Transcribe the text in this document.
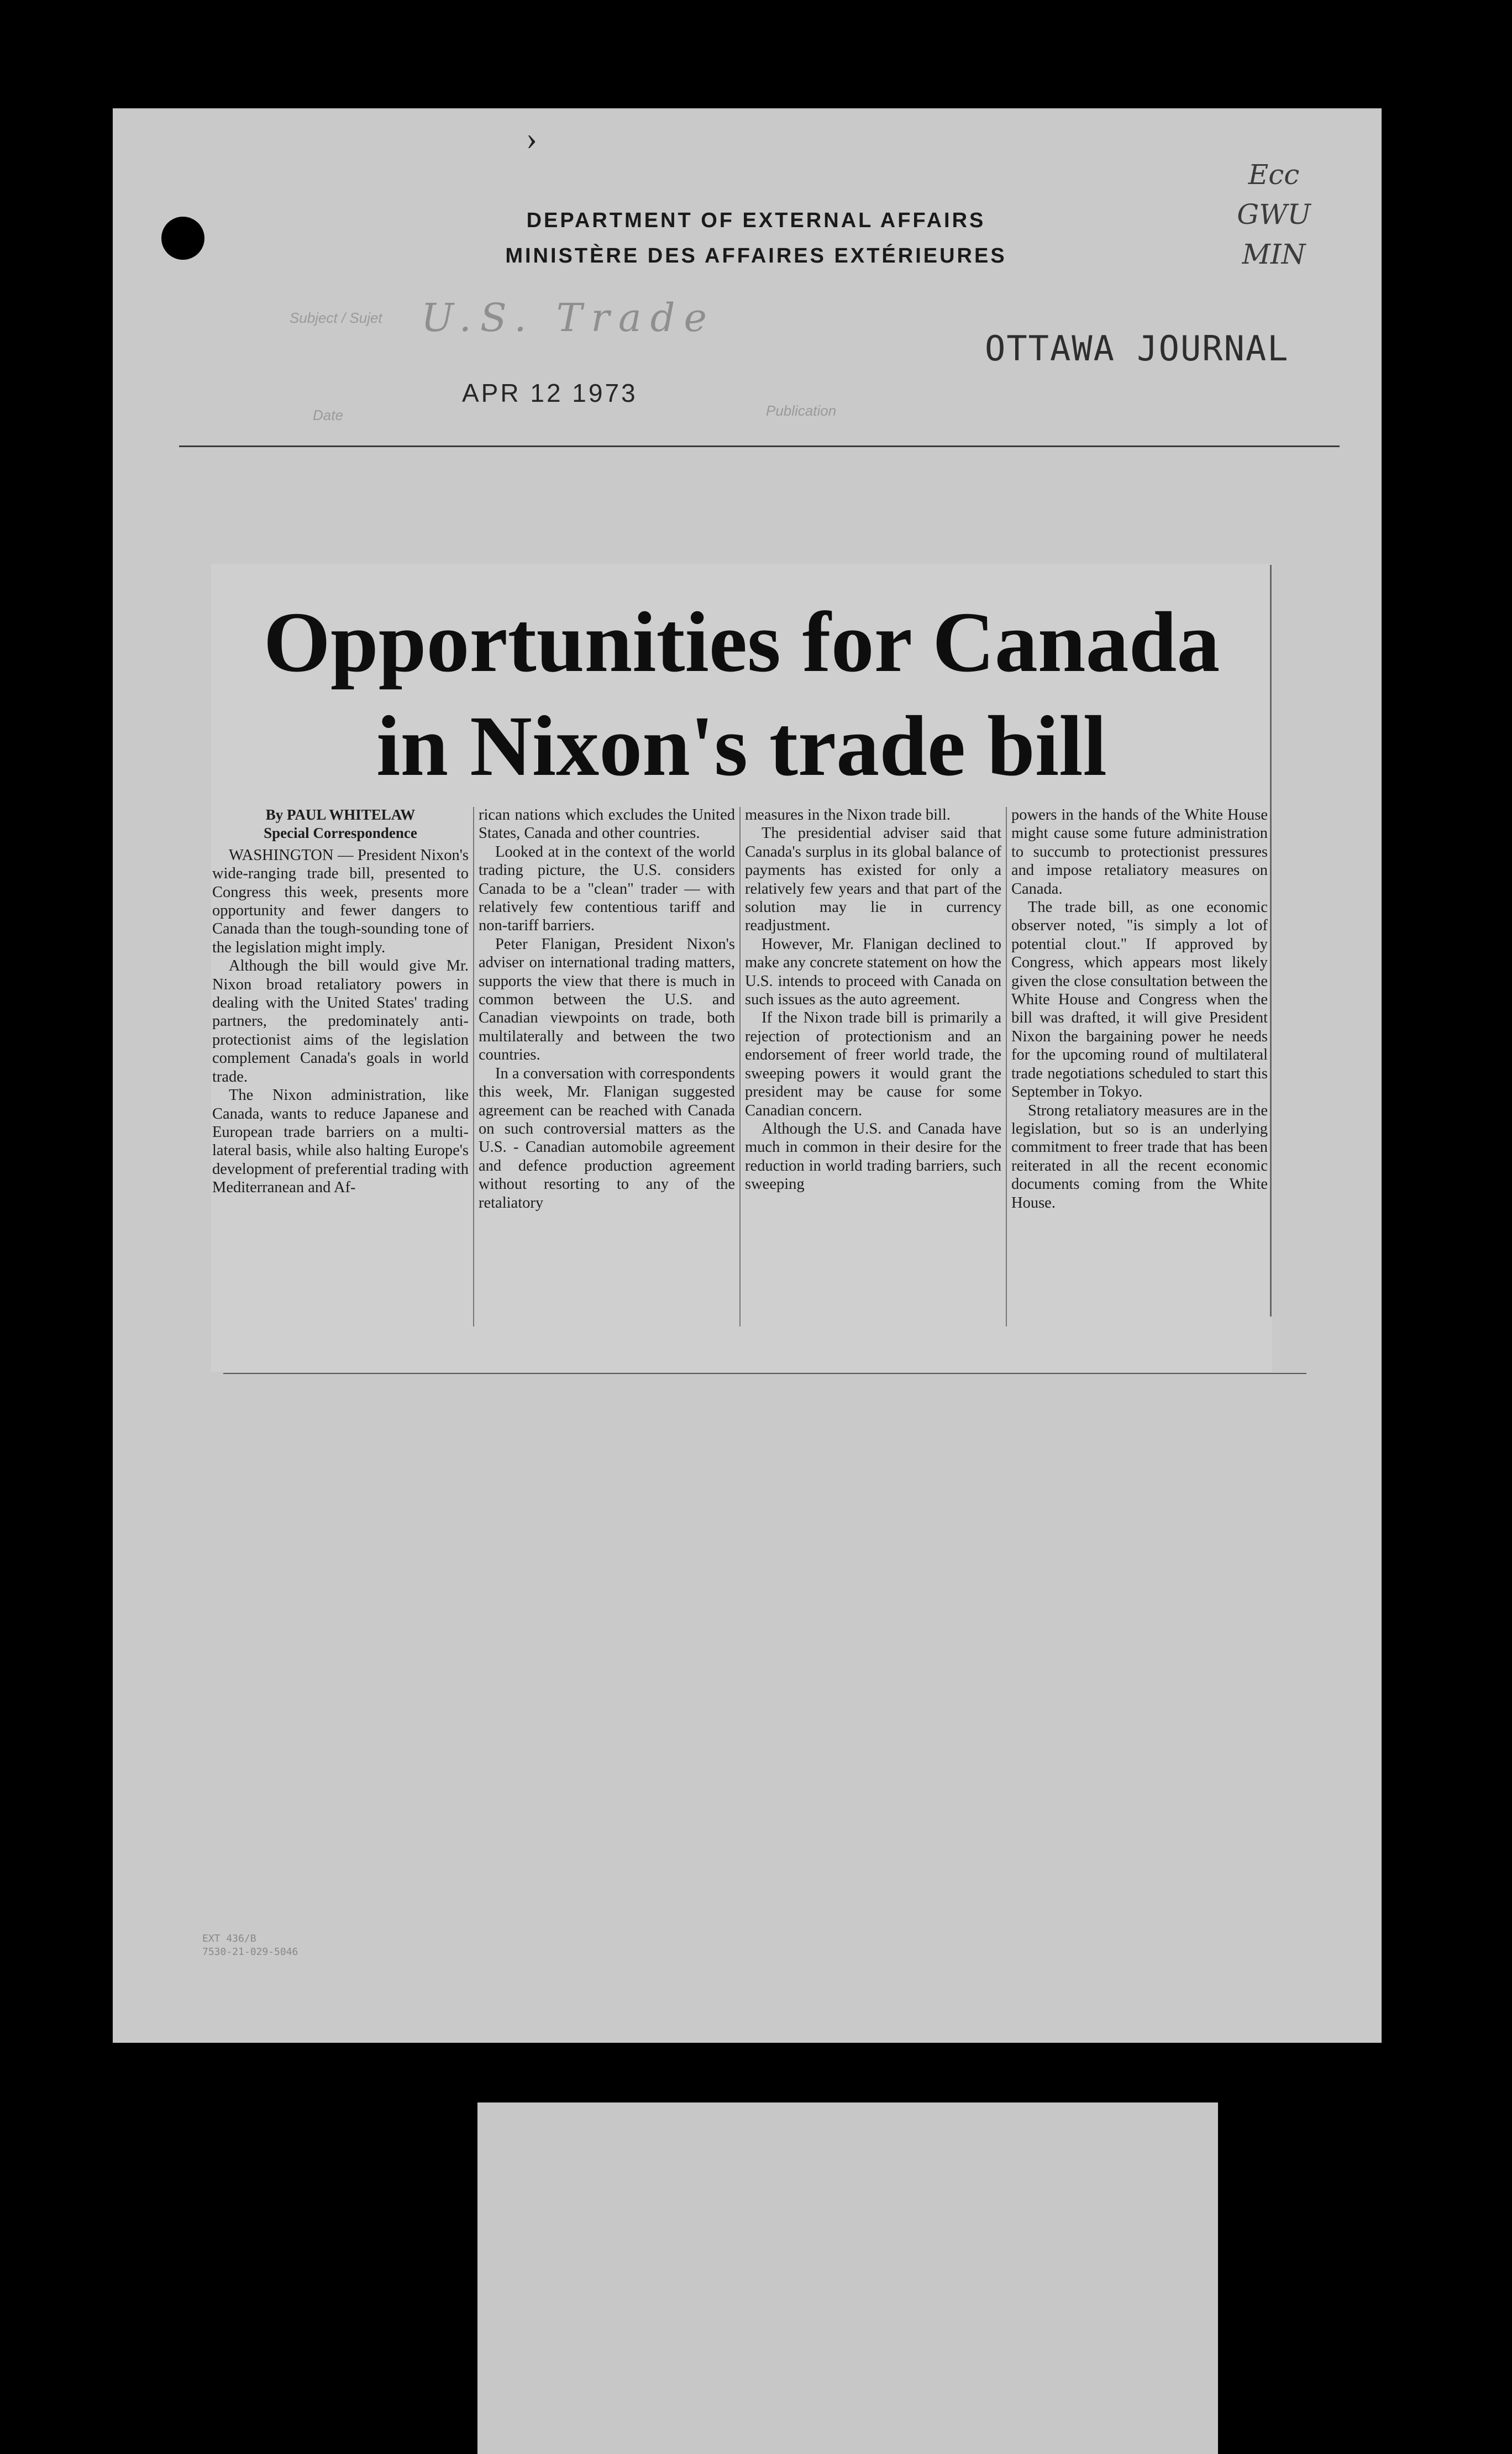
›
DEPARTMENT OF EXTERNAL AFFAIRS
MINISTÈRE DES AFFAIRES EXTÉRIEURES
Ecc
GWU
MIN
Subject / Sujet U.S. Trade
OTTAWA JOURNAL
APR 12 1973
Date	Publication
Opportunities for Canada
in Nixon's trade bill

By PAUL WHITELAW

Special Correspondence

WASHINGTON — President Nixon's wide-ranging trade bill, presented to Congress this week, presents more opportunity and fewer dangers to Canada than the tough-sounding tone of the legislation might imply.

Although the bill would give Mr. Nixon broad retaliatory powers in dealing with the United States' trading partners, the predominately anti-protectionist aims of the legislation complement Canada's goals in world trade.

The Nixon administration, like Canada, wants to reduce Japanese and European trade barriers on a multi-lateral basis, while also halting Europe's development of preferential trading with Mediterranean and Af-

rican nations which excludes the United States, Canada and other countries.

Looked at in the context of the world trading picture, the U.S. considers Canada to be a "clean" trader — with relatively few contentious tariff and non-tariff barriers.

Peter Flanigan, President Nixon's adviser on international trading matters, supports the view that there is much in common between the U.S. and Canadian viewpoints on trade, both multilaterally and between the two countries.

In a conversation with correspondents this week, Mr. Flanigan suggested agreement can be reached with Canada on such controversial matters as the U.S. - Canadian automobile agreement and defence production agreement without resorting to any of the retaliatory

measures in the Nixon trade bill.

The presidential adviser said that Canada's surplus in its global balance of payments has existed for only a relatively few years and that part of the solution may lie in currency readjustment.

However, Mr. Flanigan declined to make any concrete statement on how the U.S. intends to proceed with Canada on such issues as the auto agreement.

If the Nixon trade bill is primarily a rejection of protectionism and an endorsement of freer world trade, the sweeping powers it would grant the president may be cause for some Canadian concern.

Although the U.S. and Canada have much in common in their desire for the reduction in world trading barriers, such sweeping

powers in the hands of the White House might cause some future administration to succumb to protectionist pressures and impose retaliatory measures on Canada.

The trade bill, as one economic observer noted, "is simply a lot of potential clout." If approved by Congress, which appears most likely given the close consultation between the White House and Congress when the bill was drafted, it will give President Nixon the bargaining power he needs for the upcoming round of multilateral trade negotiations scheduled to start this September in Tokyo.

Strong retaliatory measures are in the legislation, but so is an underlying commitment to freer trade that has been reiterated in all the recent economic documents coming from the White House.

EXT 436/B
7530-21-029-5046
